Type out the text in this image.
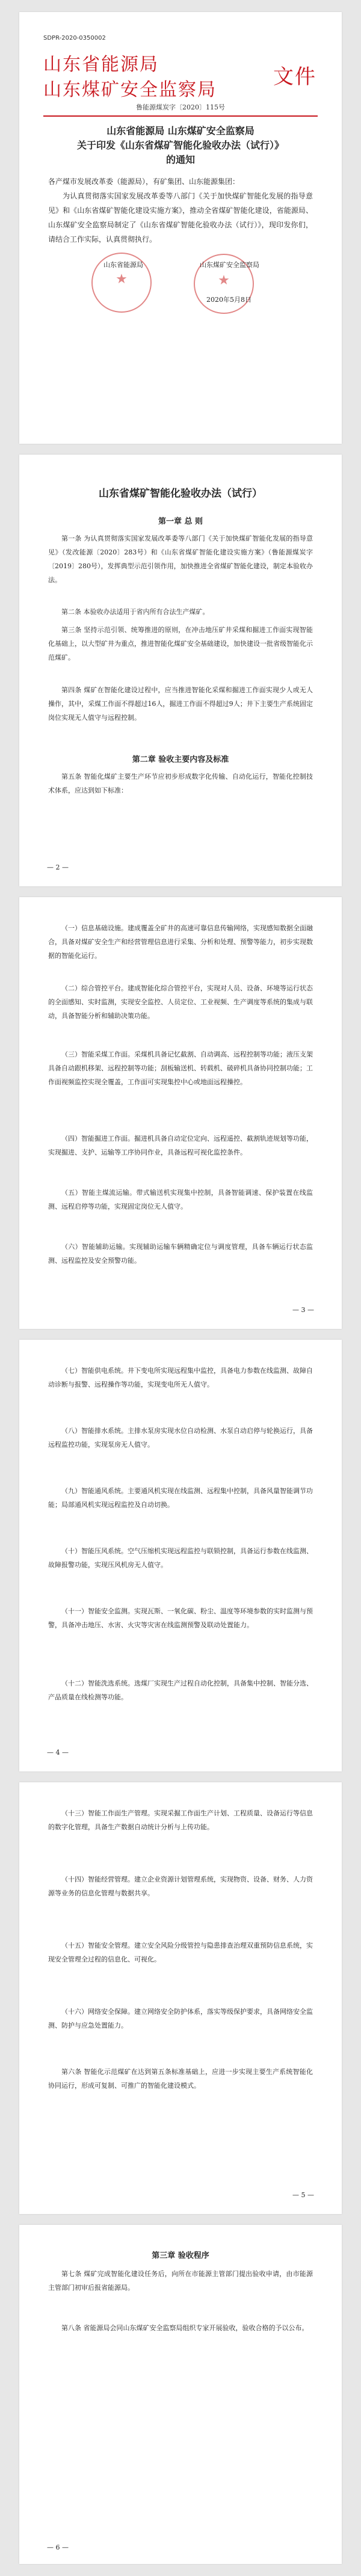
SDPR-2020-0350002
山东省能源局
山东煤矿安全监察局
文件
鲁能源煤炭字〔2020〕115号
山东省能源局 山东煤矿安全监察局
关于印发《山东省煤矿智能化验收办法（试行）》
的通知
各产煤市发展改革委（能源局），有矿集团、山东能源集团：
为认真贯彻落实国家发展改革委等八部门《关于加快煤矿智能化发展的指导意见》和《山东省煤矿智能化建设实施方案》，推动全省煤矿智能化建设，省能源局、山东煤矿安全监察局制定了《山东省煤矿智能化验收办法（试行）》，现印发你们，请结合工作实际，认真贯彻执行。
★	★
山东省能源局	山东煤矿安全监察局
2020年5月8日
山东省煤矿智能化验收办法（试行）
第一章 总 则
第一条 为认真贯彻落实国家发展改革委等八部门《关于加快煤矿智能化发展的指导意见》（发改能源〔2020〕283号）和《山东省煤矿智能化建设实施方案》（鲁能源煤炭字〔2019〕280号），发挥典型示范引领作用，加快推进全省煤矿智能化建设，制定本验收办法。
第二条 本验收办法适用于省内所有合法生产煤矿。
第三条 坚持示范引领、统筹推进的原则，在冲击地压矿井采煤和掘进工作面实现智能化基础上，以大型矿井为重点，推进智能化煤矿安全基础建设，加快建设一批省级智能化示范煤矿。
第四条 煤矿在智能化建设过程中，应当推进智能化采煤和掘进工作面实现少人或无人操作，其中，采煤工作面不得超过16人，掘进工作面不得超过9人；井下主要生产系统固定岗位实现无人值守与远程控制。
第二章 验收主要内容及标准
第五条 智能化煤矿主要生产环节应初步形成数字化传输、自动化运行，智能化控制技术体系，应达到如下标准：
— 2 —
（一）信息基础设施。建成覆盖全矿井的高速可靠信息传输网络，实现感知数据全面融合，具备对煤矿安全生产和经营管理信息进行采集、分析和处理、预警等能力，初步实现数据的智能化运行。
（二）综合管控平台。建成智能化综合管控平台，实现对人员、设备、环境等运行状态的全面感知、实时监测，实现安全监控、人员定位、工业视频、生产调度等系统的集成与联动，具备智能分析和辅助决策功能。
（三）智能采煤工作面。采煤机具备记忆截割、自动调高、远程控制等功能；液压支架具备自动跟机移架、远程控制等功能；刮板输送机、转载机、破碎机具备协同控制功能；工作面视频监控实现全覆盖，工作面可实现集控中心或地面远程操控。
（四）智能掘进工作面。掘进机具备自动定位定向、远程遥控、截割轨迹规划等功能，实现掘进、支护、运输等工序协同作业，具备远程可视化监控条件。
（五）智能主煤流运输。带式输送机实现集中控制，具备智能调速、保护装置在线监测、远程启停等功能，实现固定岗位无人值守。
（六）智能辅助运输。实现辅助运输车辆精确定位与调度管理，具备车辆运行状态监测、远程监控及安全预警功能。
— 3 —
（七）智能供电系统。井下变电所实现远程集中监控，具备电力参数在线监测、故障自动诊断与报警、远程操作等功能，实现变电所无人值守。
（八）智能排水系统。主排水泵房实现水位自动检测、水泵自动启停与轮换运行，具备远程监控功能，实现泵房无人值守。
（九）智能通风系统。主要通风机实现在线监测、远程集中控制，具备风量智能调节功能；局部通风机实现远程监控及自动切换。
（十）智能压风系统。空气压缩机实现远程监控与联锁控制，具备运行参数在线监测、故障报警功能，实现压风机房无人值守。
（十一）智能安全监测。实现瓦斯、一氧化碳、粉尘、温度等环境参数的实时监测与预警，具备冲击地压、水害、火灾等灾害在线监测预警及联动处置能力。
（十二）智能洗选系统。选煤厂实现生产过程自动化控制，具备集中控制、智能分选、产品质量在线检测等功能。
— 4 —
（十三）智能工作面生产管理。实现采掘工作面生产计划、工程质量、设备运行等信息的数字化管理，具备生产数据自动统计分析与上传功能。
（十四）智能经营管理。建立企业资源计划管理系统，实现物资、设备、财务、人力资源等业务的信息化管理与数据共享。
（十五）智能安全管理。建立安全风险分级管控与隐患排查治理双重预防信息系统，实现安全管理全过程的信息化、可视化。
（十六）网络安全保障。建立网络安全防护体系，落实等级保护要求，具备网络安全监测、防护与应急处置能力。
第六条 智能化示范煤矿在达到第五条标准基础上，应进一步实现主要生产系统智能化协同运行，形成可复制、可推广的智能化建设模式。
— 5 —
第三章 验收程序
第七条 煤矿完成智能化建设任务后，向所在市能源主管部门提出验收申请，由市能源主管部门初审后报省能源局。
第八条 省能源局会同山东煤矿安全监察局组织专家开展验收，验收合格的予以公布。
— 6 —
